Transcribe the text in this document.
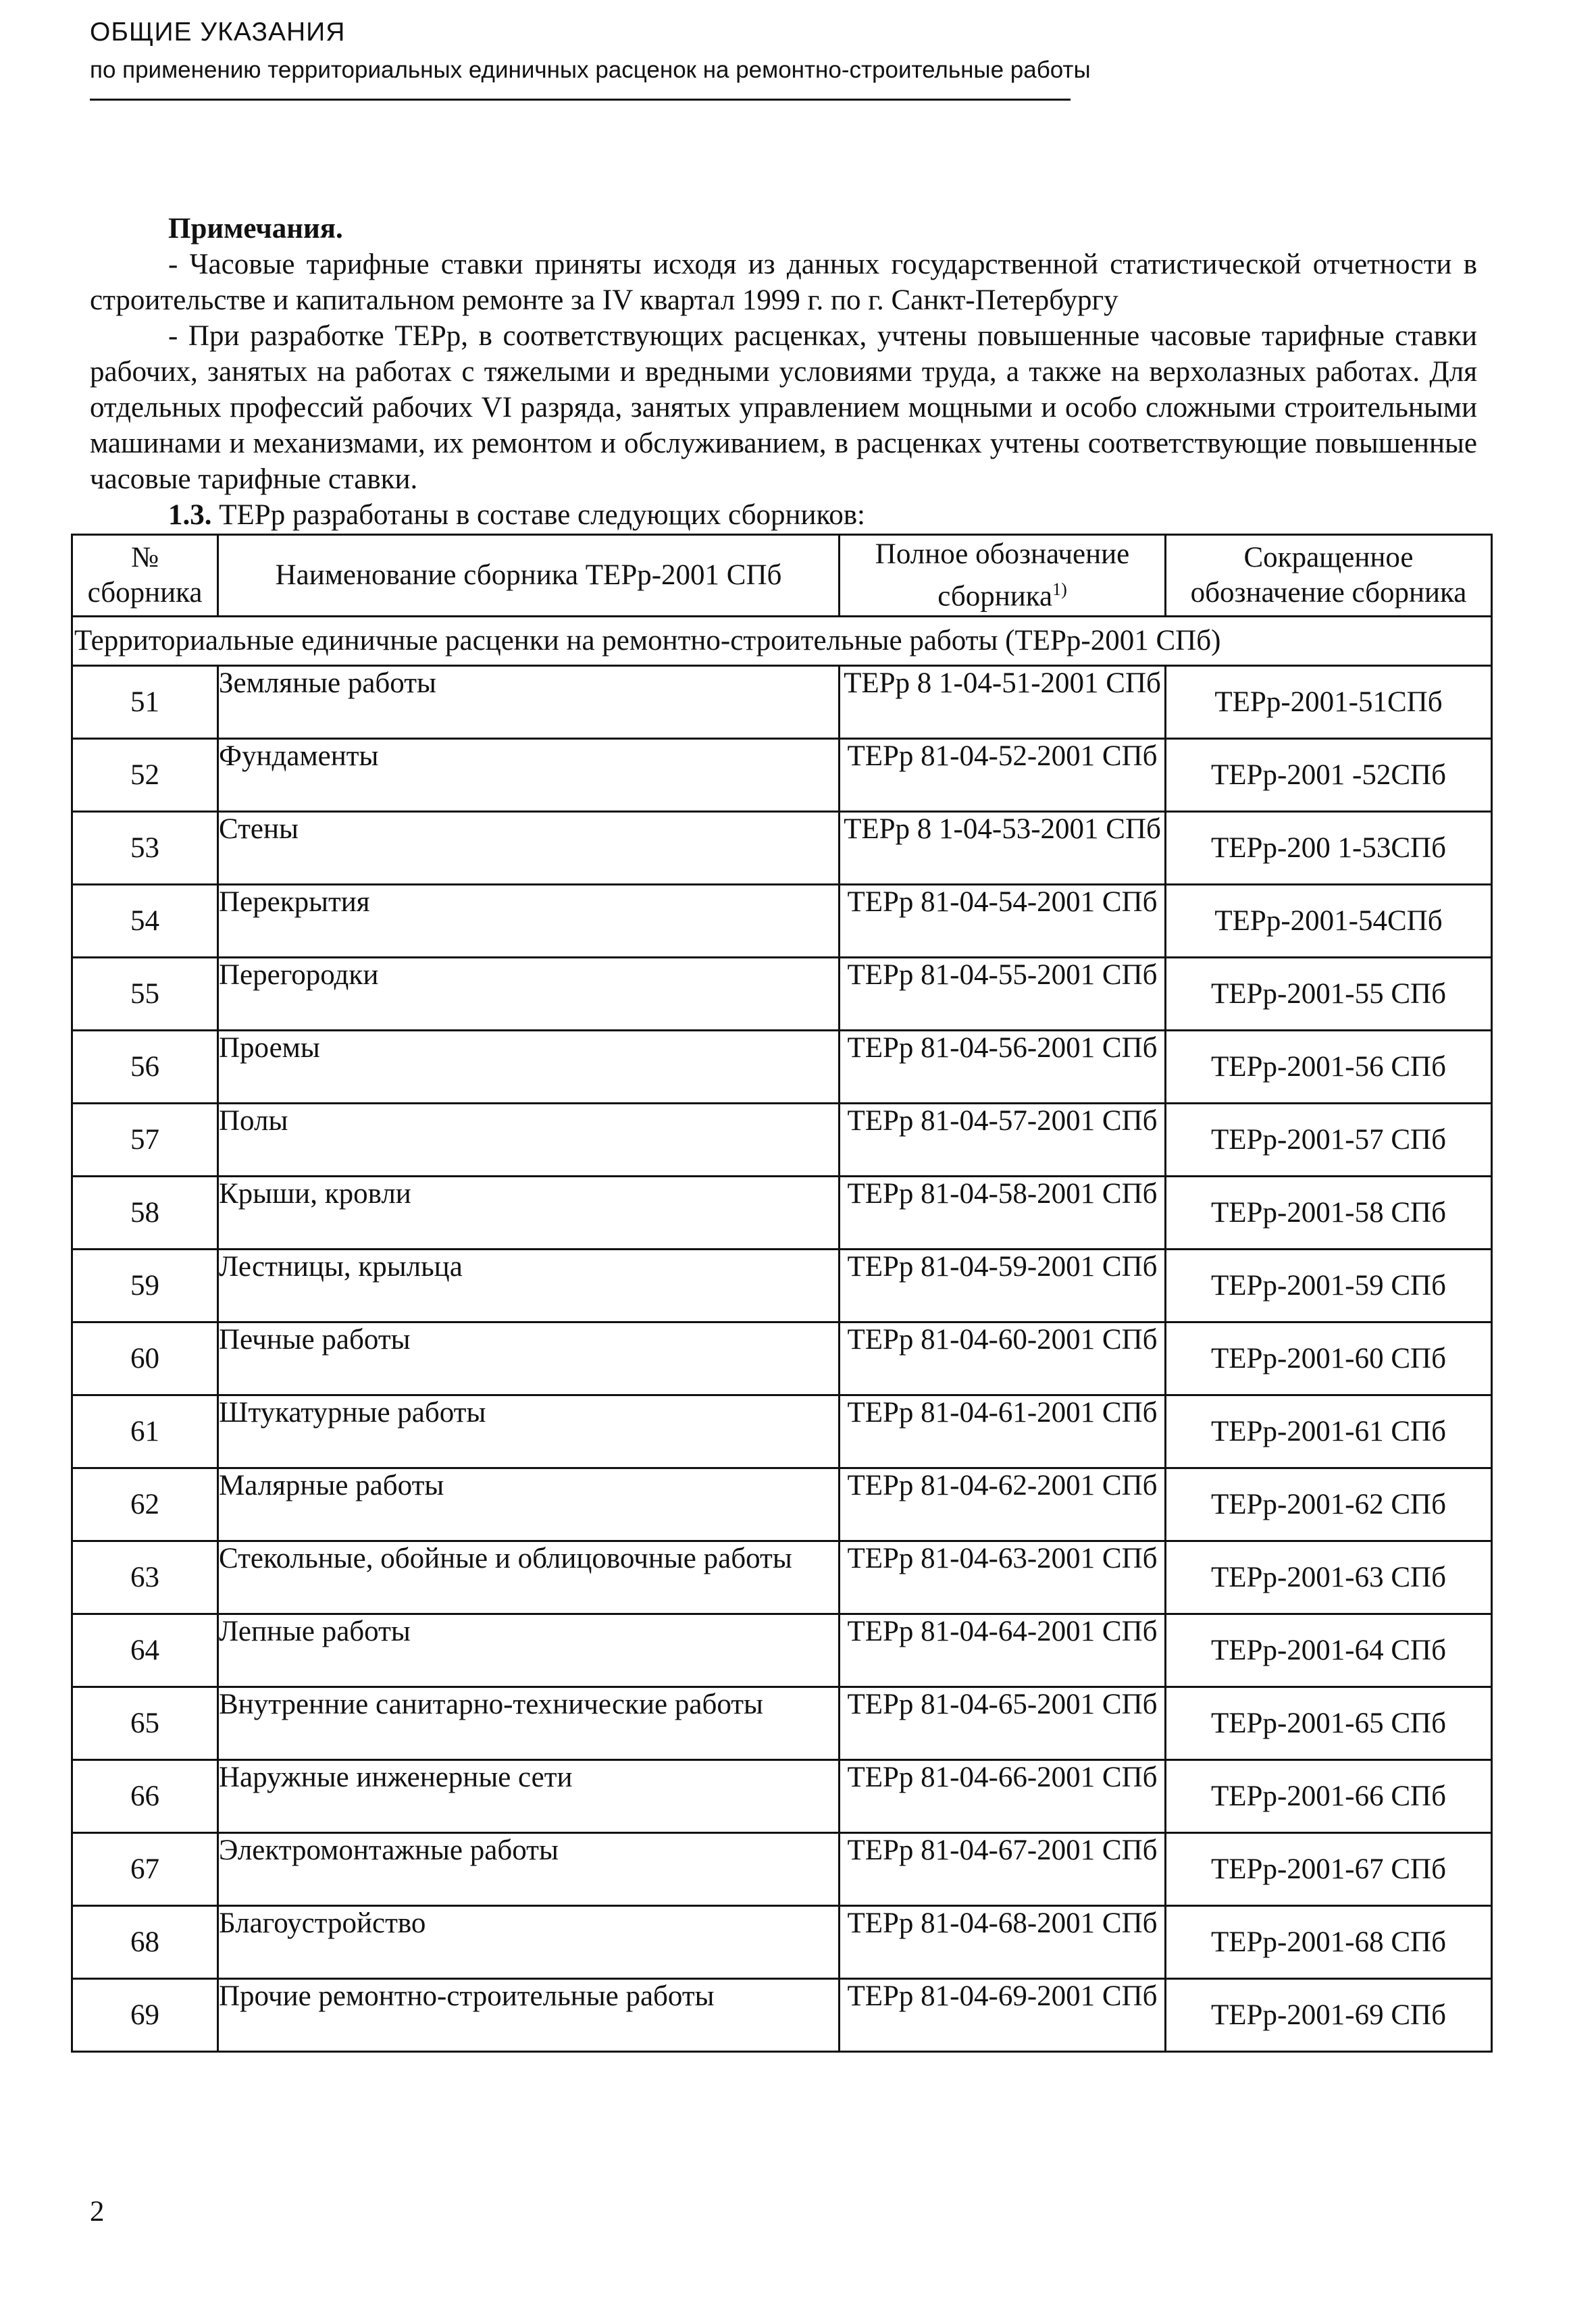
ОБЩИЕ УКАЗАНИЯ
по применению территориальных единичных расценок на ремонтно-строительные работы
Примечания.

- Часовые тарифные ставки приняты исходя из данных государственной статистической отчетности в строительстве и капитальном ремонте за IV квартал 1999 г. по г. Санкт-Петербургу

- При разработке ТЕРр, в соответствующих расценках, учтены повышенные часовые тарифные ставки рабочих, занятых на работах с тяжелыми и вредными условиями труда, а также на верхолазных работах. Для отдельных профессий рабочих VI разряда, занятых управлением мощными и особо сложными строительными машинами и механизмами, их ремонтом и обслуживанием, в расценках учтены соответствующие повышенные часовые тарифные ставки.

1.3. ТЕРр разработаны в составе следующих сборников:
№ сборника	Наименование сборника ТЕРр-2001 СПб	Полное обозначение сборника$^{1)}$	Сокращенное обозначение сборника
Территориальные единичные расценки на ремонтно-строительные работы (ТЕРр-2001 СПб)			
51	Земляные работы	ТЕРр 8 1-04-51-2001 СПб	ТЕРр-2001-51СПб
52	Фундаменты	ТЕРр 81-04-52-2001 СПб	ТЕРр-2001 -52СПб
53	Стены	ТЕРр 8 1-04-53-2001 СПб	ТЕРр-200 1-53СПб
54	Перекрытия	ТЕРр 81-04-54-2001 СПб	ТЕРр-2001-54СПб
55	Перегородки	ТЕРр 81-04-55-2001 СПб	ТЕРр-2001-55 СПб
56	Проемы	ТЕРр 81-04-56-2001 СПб	ТЕРр-2001-56 СПб
57	Полы	ТЕРр 81-04-57-2001 СПб	ТЕРр-2001-57 СПб
58	Крыши, кровли	ТЕРр 81-04-58-2001 СПб	ТЕРр-2001-58 СПб
59	Лестницы, крыльца	ТЕРр 81-04-59-2001 СПб	ТЕРр-2001-59 СПб
60	Печные работы	ТЕРр 81-04-60-2001 СПб	ТЕРр-2001-60 СПб
61	Штукатурные работы	ТЕРр 81-04-61-2001 СПб	ТЕРр-2001-61 СПб
62	Малярные работы	ТЕРр 81-04-62-2001 СПб	ТЕРр-2001-62 СПб
63	Стекольные, обойные и облицовочные работы	ТЕРр 81-04-63-2001 СПб	ТЕРр-2001-63 СПб
64	Лепные работы	ТЕРр 81-04-64-2001 СПб	ТЕРр-2001-64 СПб
65	Внутренние санитарно-технические работы	ТЕРр 81-04-65-2001 СПб	ТЕРр-2001-65 СПб
66	Наружные инженерные сети	ТЕРр 81-04-66-2001 СПб	ТЕРр-2001-66 СПб
67	Электромонтажные работы	ТЕРр 81-04-67-2001 СПб	ТЕРр-2001-67 СПб
68	Благоустройство	ТЕРр 81-04-68-2001 СПб	ТЕРр-2001-68 СПб
69	Прочие ремонтно-строительные работы	ТЕРр 81-04-69-2001 СПб	ТЕРр-2001-69 СПб
2
